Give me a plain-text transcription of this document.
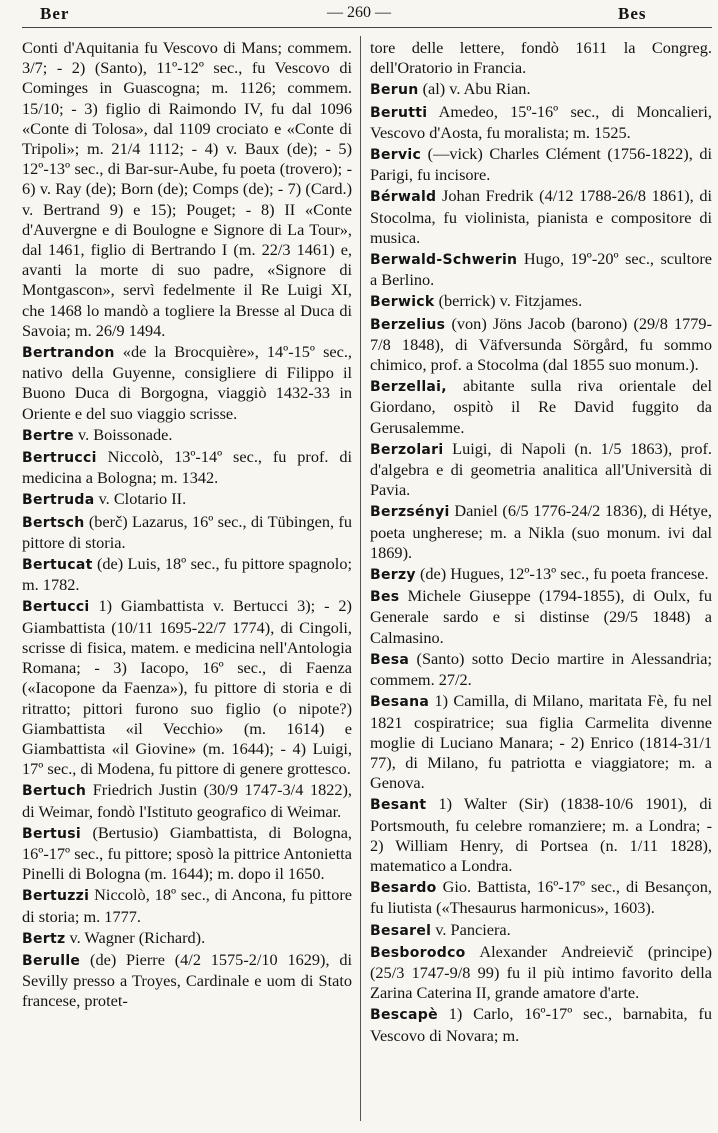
Ber	— 260 —	Bes

Conti d'Aquitania fu Vescovo di Mans; commem. 3/7; - 2) (Santo), 11º-12º sec., fu Vescovo di Cominges in Guascogna; m. 1126; commem. 15/10; - 3) figlio di Raimondo IV, fu dal 1096 «Conte di Tolosa», dal 1109 crociato e «Conte di Tripoli»; m. 21/4 1112; - 4) v. Baux (de); - 5) 12º-13º sec., di Bar-sur-Aube, fu poeta (trovero); - 6) v. Ray (de); Born (de); Comps (de); - 7) (Card.) v. Bertrand 9) e 15); Pouget; - 8) II «Conte d'Auvergne e di Boulogne e Signore di La Tour», dal 1461, figlio di Bertrando I (m. 22/3 1461) e, avanti la morte di suo padre, «Signore di Montgascon», servì fedelmente il Re Luigi XI, che 1468 lo mandò a togliere la Bresse al Duca di Savoia; m. 26/9 1494.

Bertrandon «de la Brocquière», 14º-15º sec., nativo della Guyenne, consigliere di Filippo il Buono Duca di Borgogna, viaggiò 1432-33 in Oriente e del suo viaggio scrisse.

Bertre v. Boissonade.

Bertrucci Niccolò, 13º-14º sec., fu prof. di medicina a Bologna; m. 1342.

Bertruda v. Clotario II.

Bertsch (berč) Lazarus, 16º sec., di Tübingen, fu pittore di storia.

Bertucat (de) Luis, 18º sec., fu pittore spagnolo; m. 1782.

Bertucci 1) Giambattista v. Bertucci 3); - 2) Giambattista (10/11 1695-22/7 1774), di Cingoli, scrisse di fisica, matem. e medicina nell'Antologia Romana; - 3) Iacopo, 16º sec., di Faenza («Iacopone da Faenza»), fu pittore di storia e di ritratto; pittori furono suo figlio (o nipote?) Giambattista «il Vecchio» (m. 1614) e Giambattista «il Giovine» (m. 1644); - 4) Luigi, 17º sec., di Modena, fu pittore di genere grottesco.

Bertuch Friedrich Justin (30/9 1747-3/4 1822), di Weimar, fondò l'Istituto geografico di Weimar.

Bertusi (Bertusio) Giambattista, di Bologna, 16º-17º sec., fu pittore; sposò la pittrice Antonietta Pinelli di Bologna (m. 1644); m. dopo il 1650.

Bertuzzi Niccolò, 18º sec., di Ancona, fu pittore di storia; m. 1777.

Bertz v. Wagner (Richard).

Berulle (de) Pierre (4/2 1575-2/10 1629), di Sevilly presso a Troyes, Cardinale e uom di Stato francese, protet-

tore delle lettere, fondò 1611 la Congreg. dell'Oratorio in Francia.

Berun (al) v. Abu Rian.

Berutti Amedeo, 15º-16º sec., di Moncalieri, Vescovo d'Aosta, fu moralista; m. 1525.

Bervic (—vick) Charles Clément (1756-1822), di Parigi, fu incisore.

Bérwald Johan Fredrik (4/12 1788-26/8 1861), di Stocolma, fu violinista, pianista e compositore di musica.

Berwald-Schwerin Hugo, 19º-20º sec., scultore a Berlino.

Berwick (berrick) v. Fitzjames.

Berzelius (von) Jöns Jacob (barono) (29/8 1779-7/8 1848), di Väfversunda Sörgård, fu sommo chimico, prof. a Stocolma (dal 1855 suo monum.).

Berzellai, abitante sulla riva orientale del Giordano, ospitò il Re David fuggito da Gerusalemme.

Berzolari Luigi, di Napoli (n. 1/5 1863), prof. d'algebra e di geometria analitica all'Università di Pavia.

Berzsényi Daniel (6/5 1776-24/2 1836), di Hétye, poeta ungherese; m. a Nikla (suo monum. ivi dal 1869).

Berzy (de) Hugues, 12º-13º sec., fu poeta francese.

Bes Michele Giuseppe (1794-1855), di Oulx, fu Generale sardo e si distinse (29/5 1848) a Calmasino.

Besa (Santo) sotto Decio martire in Alessandria; commem. 27/2.

Besana 1) Camilla, di Milano, maritata Fè, fu nel 1821 cospiratrice; sua figlia Carmelita divenne moglie di Luciano Manara; - 2) Enrico (1814-31/1 77), di Milano, fu patriotta e viaggiatore; m. a Genova.

Besant 1) Walter (Sir) (1838-10/6 1901), di Portsmouth, fu celebre romanziere; m. a Londra; - 2) William Henry, di Portsea (n. 1/11 1828), matematico a Londra.

Besardo Gio. Battista, 16º-17º sec., di Besançon, fu liutista («Thesaurus harmonicus», 1603).

Besarel v. Panciera.

Besborodco Alexander Andreievič (principe) (25/3 1747-9/8 99) fu il più intimo favorito della Zarina Caterina II, grande amatore d'arte.

Bescapè 1) Carlo, 16º-17º sec., barnabita, fu Vescovo di Novara; m.
